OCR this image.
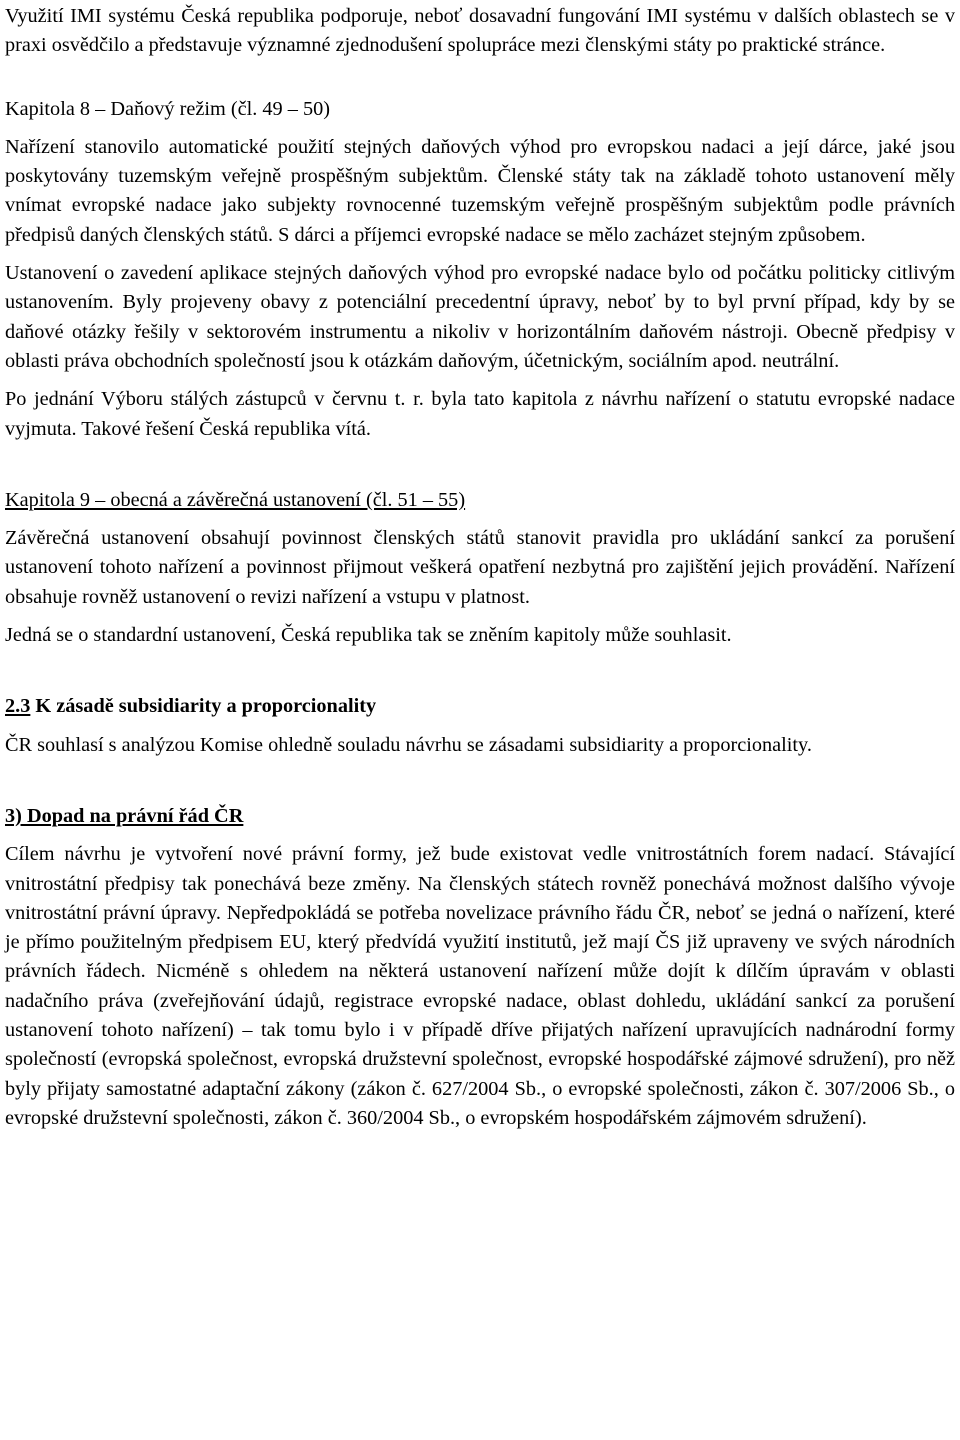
Využití IMI systému Česká republika podporuje, neboť dosavadní fungování IMI systému v dalších oblastech se v praxi osvědčilo a představuje významné zjednodušení spolupráce mezi členskými státy po praktické stránce.

Kapitola 8 – Daňový režim (čl. 49 – 50)

Nařízení stanovilo automatické použití stejných daňových výhod pro evropskou nadaci a její dárce, jaké jsou poskytovány tuzemským veřejně prospěšným subjektům. Členské státy tak na základě tohoto ustanovení měly vnímat evropské nadace jako subjekty rovnocenné tuzemským veřejně prospěšným subjektům podle právních předpisů daných členských států. S dárci a příjemci evropské nadace se mělo zacházet stejným způsobem.

Ustanovení o zavedení aplikace stejných daňových výhod pro evropské nadace bylo od počátku politicky citlivým ustanovením. Byly projeveny obavy z potenciální precedentní úpravy, neboť by to byl první případ, kdy by se daňové otázky řešily v sektorovém instrumentu a nikoliv v horizontálním daňovém nástroji. Obecně předpisy v oblasti práva obchodních společností jsou k otázkám daňovým, účetnickým, sociálním apod. neutrální.

Po jednání Výboru stálých zástupců v červnu t. r. byla tato kapitola z návrhu nařízení o statutu evropské nadace vyjmuta. Takové řešení Česká republika vítá.

Kapitola 9 – obecná a závěrečná ustanovení (čl. 51 – 55)

Závěrečná ustanovení obsahují povinnost členských států stanovit pravidla pro ukládání sankcí za porušení ustanovení tohoto nařízení a povinnost přijmout veškerá opatření nezbytná pro zajištění jejich provádění. Nařízení obsahuje rovněž ustanovení o revizi nařízení a vstupu v platnost.

Jedná se o standardní ustanovení, Česká republika tak se zněním kapitoly může souhlasit.

2.3 K zásadě subsidiarity a proporcionality

ČR souhlasí s analýzou Komise ohledně souladu návrhu se zásadami subsidiarity a proporcionality.

3) Dopad na právní řád ČR

Cílem návrhu je vytvoření nové právní formy, jež bude existovat vedle vnitrostátních forem nadací. Stávající vnitrostátní předpisy tak ponechává beze změny. Na členských státech rovněž ponechává možnost dalšího vývoje vnitrostátní právní úpravy. Nepředpokládá se potřeba novelizace právního řádu ČR, neboť se jedná o nařízení, které je přímo použitelným předpisem EU, který předvídá využití institutů, jež mají ČS již upraveny ve svých národních právních řádech. Nicméně s ohledem na některá ustanovení nařízení může dojít k dílčím úpravám v oblasti nadačního práva (zveřejňování údajů, registrace evropské nadace, oblast dohledu, ukládání sankcí za porušení ustanovení tohoto nařízení) – tak tomu bylo i v případě dříve přijatých nařízení upravujících nadnárodní formy společností (evropská společnost, evropská družstevní společnost, evropské hospodářské zájmové sdružení), pro něž byly přijaty samostatné adaptační zákony (zákon č. 627/2004 Sb., o evropské společnosti, zákon č. 307/2006 Sb., o evropské družstevní společnosti, zákon č. 360/2004 Sb., o evropském hospodářském zájmovém sdružení).
